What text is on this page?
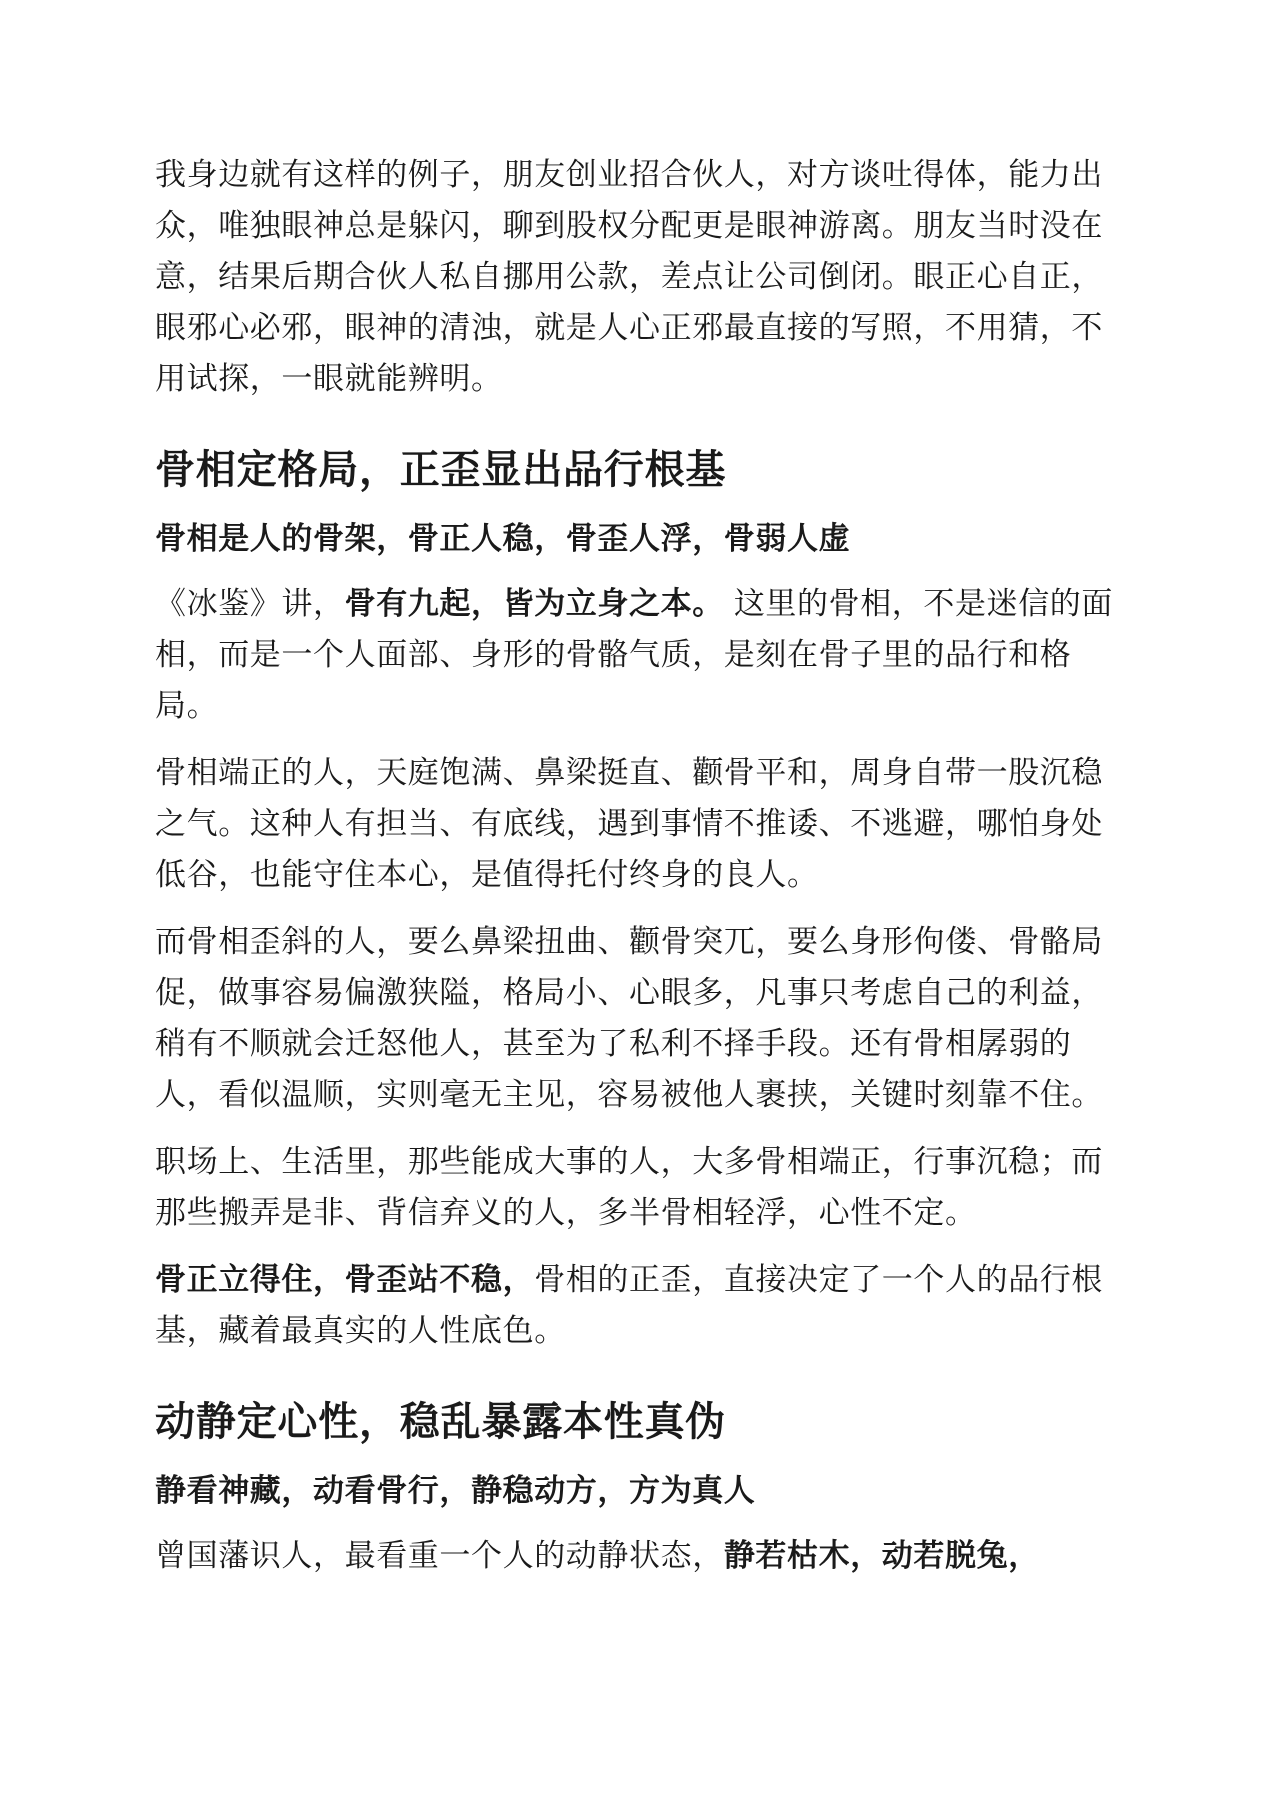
我身边就有这样的例子，朋友创业招合伙人，对方谈吐得体，能力出众，唯独眼神总是躲闪，聊到股权分配更是眼神游离。朋友当时没在意，结果后期合伙人私自挪用公款，差点让公司倒闭。眼正心自正，眼邪心必邪，眼神的清浊，就是人心正邪最直接的写照，不用猜，不用试探，一眼就能辨明。

骨相定格局，正歪显出品行根基
骨相是人的骨架，骨正人稳，骨歪人浮，骨弱人虚

《冰鉴》讲，骨有九起，皆为立身之本。 这里的骨相，不是迷信的面相，而是一个人面部、身形的骨骼气质，是刻在骨子里的品行和格局。

骨相端正的人，天庭饱满、鼻梁挺直、颧骨平和，周身自带一股沉稳之气。这种人有担当、有底线，遇到事情不推诿、不逃避，哪怕身处低谷，也能守住本心，是值得托付终身的良人。

而骨相歪斜的人，要么鼻梁扭曲、颧骨突兀，要么身形佝偻、骨骼局促，做事容易偏激狭隘，格局小、心眼多，凡事只考虑自己的利益，稍有不顺就会迁怒他人，甚至为了私利不择手段。还有骨相孱弱的人，看似温顺，实则毫无主见，容易被他人裹挟，关键时刻靠不住。

职场上、生活里，那些能成大事的人，大多骨相端正，行事沉稳；而那些搬弄是非、背信弃义的人，多半骨相轻浮，心性不定。

骨正立得住，骨歪站不稳，骨相的正歪，直接决定了一个人的品行根基，藏着最真实的人性底色。

动静定心性，稳乱暴露本性真伪
静看神藏，动看骨行，静稳动方，方为真人

曾国藩识人，最看重一个人的动静状态，静若枯木，动若脱兔，
